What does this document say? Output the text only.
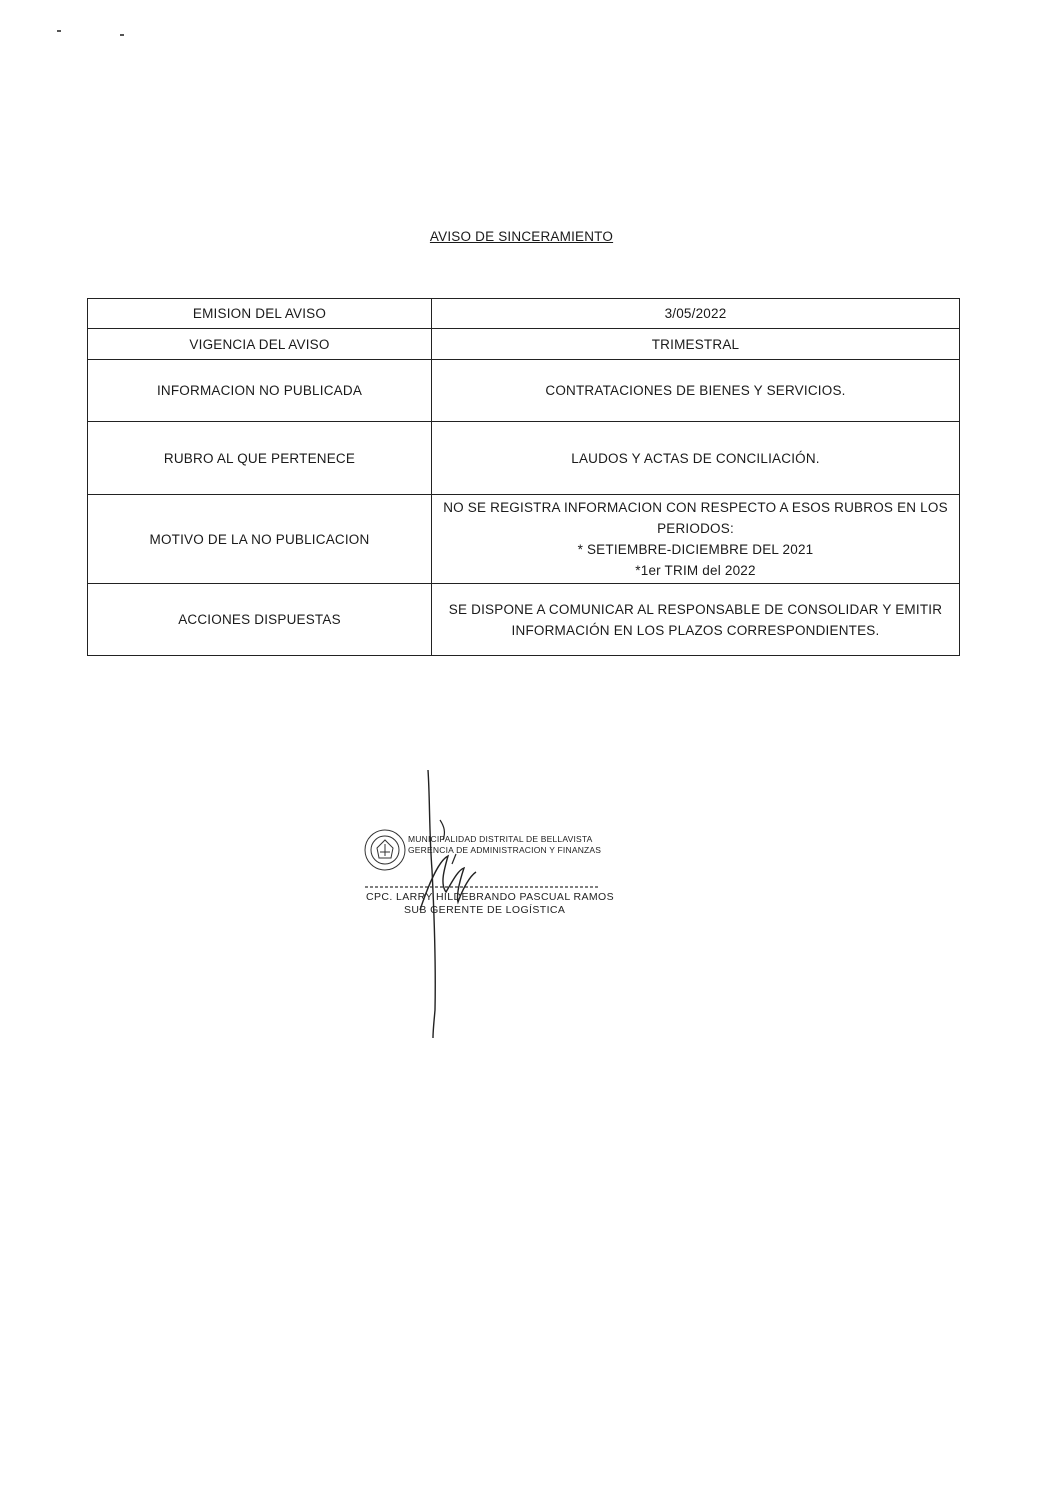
AVISO DE SINCERAMIENTO
EMISION DEL AVISO	3/05/2022

VIGENCIA DEL AVISO	TRIMESTRAL

INFORMACION NO PUBLICADA	CONTRATACIONES DE BIENES Y SERVICIOS.

RUBRO AL QUE PERTENECE	LAUDOS Y ACTAS DE CONCILIACIÓN.

MOTIVO DE LA NO PUBLICACION	NO SE REGISTRA INFORMACION CON RESPECTO A ESOS RUBROS EN LOS
PERIODOS:
* SETIEMBRE-DICIEMBRE DEL 2021
*1er TRIM del 2022

ACCIONES DISPUESTAS	SE DISPONE A COMUNICAR AL RESPONSABLE DE CONSOLIDAR Y EMITIR
INFORMACIÓN EN LOS PLAZOS CORRESPONDIENTES.
MUNICIPALIDAD DISTRITAL DE BELLAVISTA
GERENCIA DE ADMINISTRACION Y FINANZAS
CPC. LARRY HILDEBRANDO PASCUAL RAMOS
SUB GERENTE DE LOGÍSTICA
